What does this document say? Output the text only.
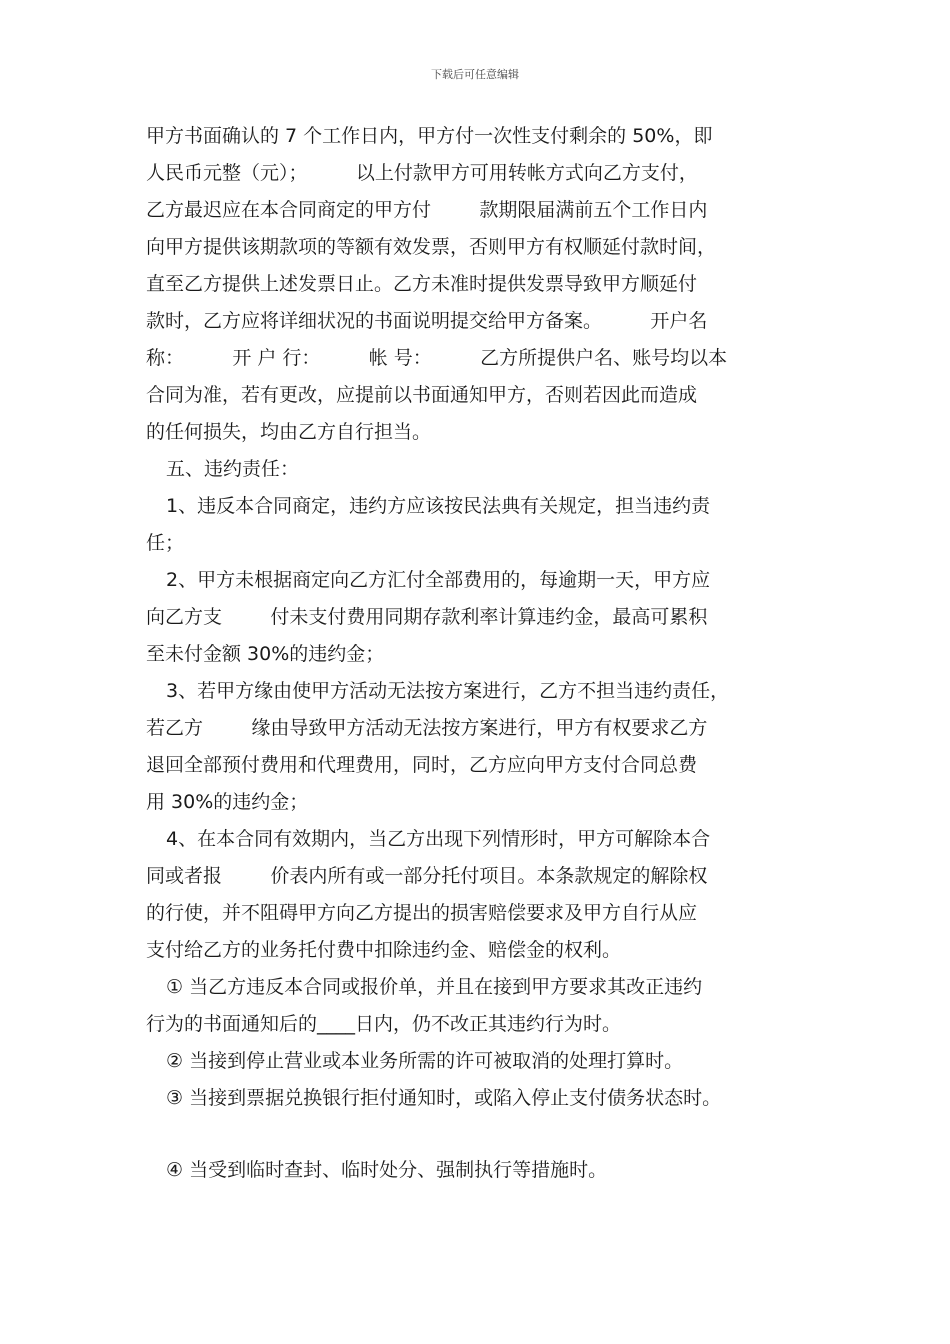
下载后可任意编辑
甲方书面确认的 7 个工作日内，甲方付一次性支付剩余的 50%，即
人民币元整（元）；        以上付款甲方可用转帐方式向乙方支付，
乙方最迟应在本合同商定的甲方付        款期限届满前五个工作日内
向甲方提供该期款项的等额有效发票，否则甲方有权顺延付款时间，
直至乙方提供上述发票日止。乙方未准时提供发票导致甲方顺延付
款时，乙方应将详细状况的书面说明提交给甲方备案。        开户名
称：        开 户 行：        帐 号：        乙方所提供户名、账号均以本
合同为准，若有更改，应提前以书面通知甲方，否则若因此而造成
的任何损失，均由乙方自行担当。
五、违约责任：
1、违反本合同商定，违约方应该按民法典有关规定，担当违约责
任；
2、甲方未根据商定向乙方汇付全部费用的，每逾期一天，甲方应
向乙方支        付未支付费用同期存款利率计算违约金，最高可累积
至未付金额 30%的违约金；
3、若甲方缘由使甲方活动无法按方案进行，乙方不担当违约责任，
若乙方        缘由导致甲方活动无法按方案进行，甲方有权要求乙方
退回全部预付费用和代理费用，同时，乙方应向甲方支付合同总费
用 30%的违约金；
4、在本合同有效期内，当乙方出现下列情形时，甲方可解除本合
同或者报        价表内所有或一部分托付项目。本条款规定的解除权
的行使，并不阻碍甲方向乙方提出的损害赔偿要求及甲方自行从应
支付给乙方的业务托付费中扣除违约金、赔偿金的权利。
① 当乙方违反本合同或报价单，并且在接到甲方要求其改正违约
行为的书面通知后的____日内，仍不改正其违约行为时。
② 当接到停止营业或本业务所需的许可被取消的处理打算时。
③ 当接到票据兑换银行拒付通知时，或陷入停止支付债务状态时。
④ 当受到临时查封、临时处分、强制执行等措施时。
